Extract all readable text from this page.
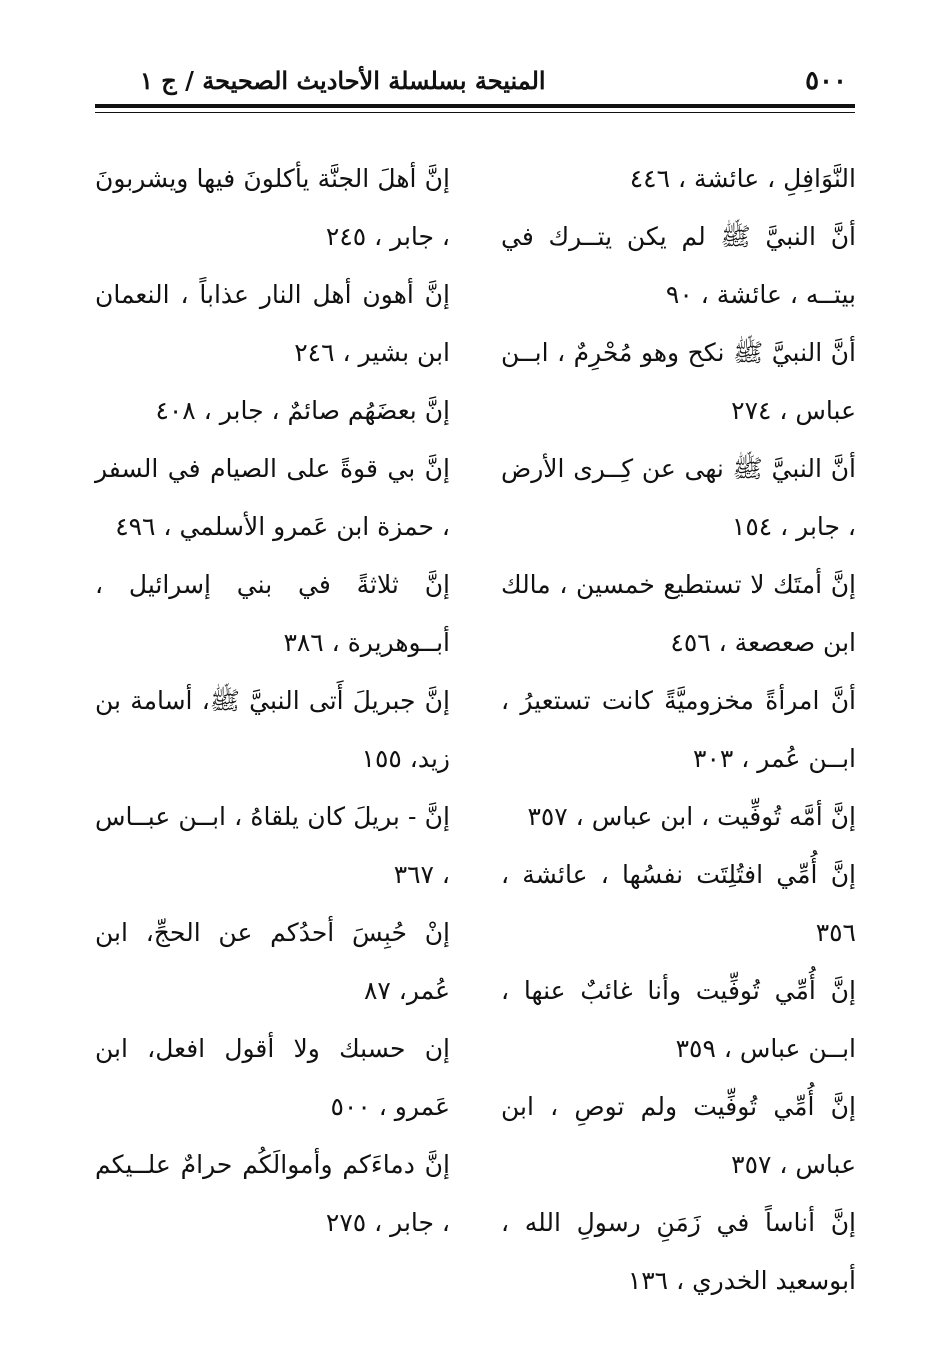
٥٠٠
المنيحة بسلسلة الأحاديث الصحيحة / ج ١
النَّوَافِلِ ، عائشة ، ٤٤٦
أنَّ النبيَّ ﷺ لم يكن يتــرك في بيتــه ، عائشة ، ٩٠
أنَّ النبيَّ ﷺ نكح وهو مُحْرِمٌ ، ابــن عباس ، ٢٧٤
أنَّ النبيَّ ﷺ نهى عن كِــرى الأرض ، جابر ، ١٥٤
إنَّ أمتَك لا تستطيع خمسين ، مالك ابن صعصعة ، ٤٥٦
أنَّ امرأةً مخزوميَّةً كانت تستعيرُ ، ابــن عُمر ، ٣٠٣
إنَّ أمَّه تُوفِّيت ، ابن عباس ، ٣٥٧
إنَّ أُمِّي افتُلِتَت نفسُها ، عائشة ، ٣٥٦
إنَّ أُمِّي تُوفِّيت وأنا غائبٌ عنها ، ابــن عباس ، ٣٥٩
إنَّ أُمِّي تُوفِّيت ولم توصِ ، ابن عباس ، ٣٥٧
إنَّ أناساً في زَمَنِ رسولِ الله ، أبوسعيد الخدري ، ١٣٦
إنَّ أهلَ الجنَّة يأكلونَ فيها ويشربونَ ، جابر ، ٢٤٥
إنَّ أهون أهل النار عذاباً ، النعمان ابن بشير ، ٢٤٦
إنَّ بعضَهُم صائمٌ ، جابر ، ٤٠٨
إنَّ بي قوةً على الصيام في السفر ، حمزة ابن عَمرو الأسلمي ، ٤٩٦
إنَّ ثلاثةً في بني إسرائيل ، أبــوهريرة ، ٣٨٦
إنَّ جبريلَ أَتى النبيَّ ﷺ، أسامة بن زيد، ١٥٥
إنَّ - بريلَ كان يلقاهُ ، ابــن عبــاس ، ٣٦٧
إنْ حُبِسَ أحدُكم عن الحجِّ، ابن عُمر، ٨٧
إن حسبك ولا أقول افعل، ابن عَمرو ، ٥٠٠
إنَّ دماءَكم وأموالَكُم حرامٌ علــيكم ، جابر ، ٢٧٥
